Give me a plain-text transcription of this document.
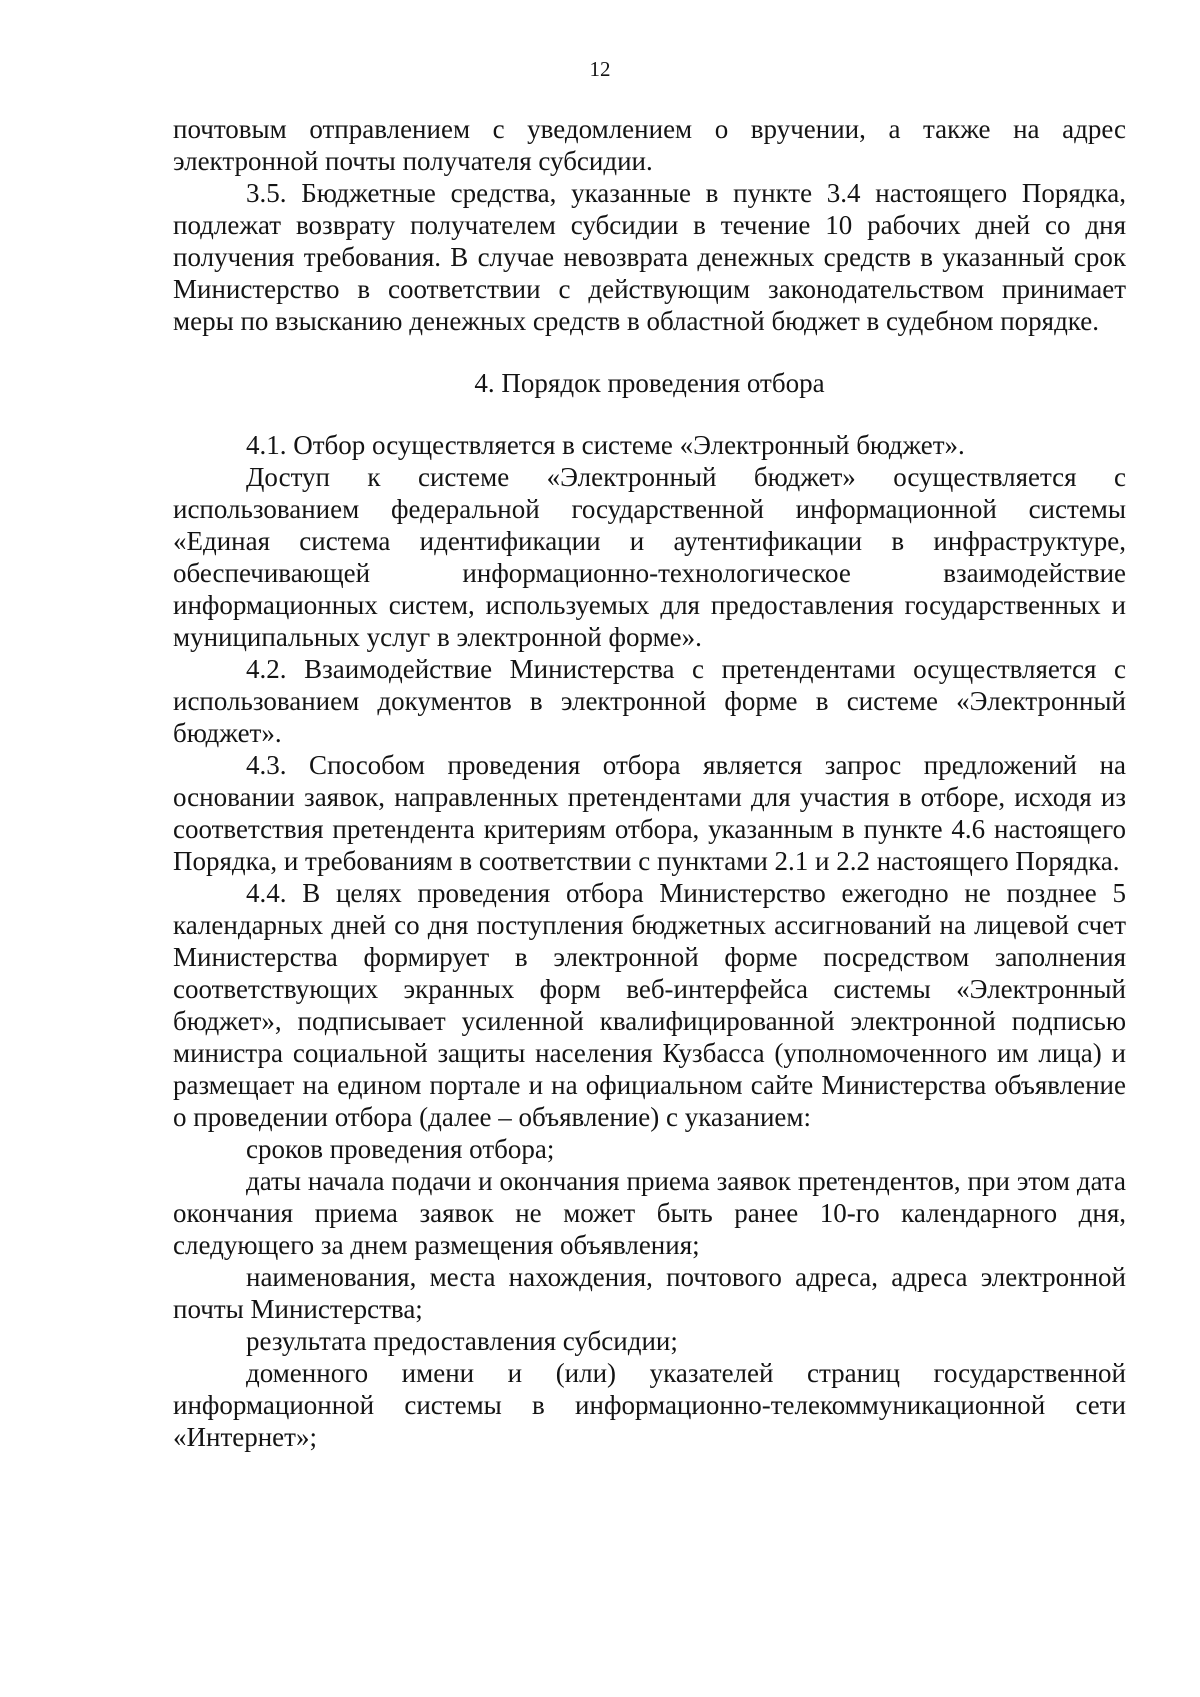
12

почтовым отправлением с уведомлением о вручении, а также на адрес электронной почты получателя субсидии.

3.5. Бюджетные средства, указанные в пункте 3.4 настоящего Порядка, подлежат возврату получателем субсидии в течение 10 рабочих дней со дня получения требования. В случае невозврата денежных средств в указанный срок Министерство в соответствии с действующим законодательством принимает меры по взысканию денежных средств в областной бюджет в судебном порядке.

4. Порядок проведения отбора

4.1. Отбор осуществляется в системе «Электронный бюджет».

Доступ к системе «Электронный бюджет» осуществляется с использованием федеральной государственной информационной системы «Единая система идентификации и аутентификации в инфраструктуре, обеспечивающей информационно-технологическое взаимодействие информационных систем, используемых для предоставления государственных и муниципальных услуг в электронной форме».

4.2. Взаимодействие Министерства с претендентами осуществляется с использованием документов в электронной форме в системе «Электронный бюджет».

4.3. Способом проведения отбора является запрос предложений на основании заявок, направленных претендентами для участия в отборе, исходя из соответствия претендента критериям отбора, указанным в пункте 4.6 настоящего Порядка, и требованиям в соответствии с пунктами 2.1 и 2.2 настоящего Порядка.

4.4. В целях проведения отбора Министерство ежегодно не позднее 5 календарных дней со дня поступления бюджетных ассигнований на лицевой счет Министерства формирует в электронной форме посредством заполнения соответствующих экранных форм веб-интерфейса системы «Электронный бюджет», подписывает усиленной квалифицированной электронной подписью министра социальной защиты населения Кузбасса (уполномоченного им лица) и размещает на едином портале и на официальном сайте Министерства объявление о проведении отбора (далее – объявление) с указанием:

сроков проведения отбора;

даты начала подачи и окончания приема заявок претендентов, при этом дата окончания приема заявок не может быть ранее 10-го календарного дня, следующего за днем размещения объявления;

наименования, места нахождения, почтового адреса, адреса электронной почты Министерства;

результата предоставления субсидии;

доменного имени и (или) указателей страниц государственной информационной системы в информационно-телекоммуникационной сети «Интернет»;
